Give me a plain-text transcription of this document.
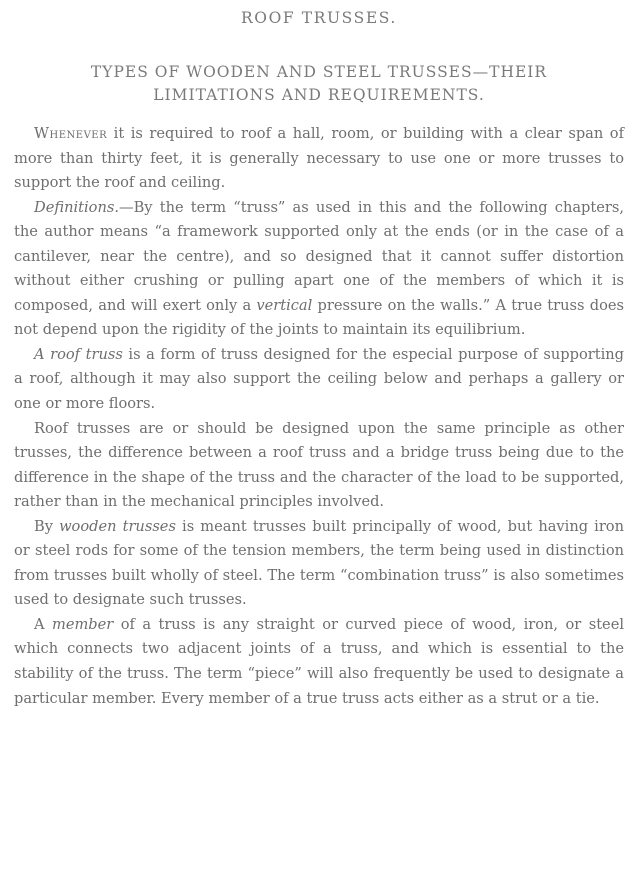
ROOF TRUSSES.
TYPES OF WOODEN AND STEEL TRUSSES—THEIR
LIMITATIONS AND REQUIREMENTS.

Whenever it is required to roof a hall, room, or building with a clear span of more than thirty feet, it is generally necessary to use one or more trusses to support the roof and ceiling.

Definitions.—By the term “truss” as used in this and the following chapters, the author means “a framework supported only at the ends (or in the case of a cantilever, near the centre), and so designed that it cannot suffer distortion without either crushing or pulling apart one of the members of which it is composed, and will exert only a vertical pressure on the walls.” A true truss does not depend upon the rigidity of the joints to maintain its equilibrium.

A roof truss is a form of truss designed for the especial purpose of supporting a roof, although it may also support the ceiling below and perhaps a gallery or one or more floors.

Roof trusses are or should be designed upon the same principle as other trusses, the difference between a roof truss and a bridge truss being due to the difference in the shape of the truss and the character of the load to be supported, rather than in the mechanical principles involved.

By wooden trusses is meant trusses built principally of wood, but having iron or steel rods for some of the tension members, the term being used in distinction from trusses built wholly of steel. The term “combination truss” is also sometimes used to designate such trusses.

A member of a truss is any straight or curved piece of wood, iron, or steel which connects two adjacent joints of a truss, and which is essential to the stability of the truss. The term “piece” will also frequently be used to designate a particular member. Every member of a true truss acts either as a strut or a tie.
